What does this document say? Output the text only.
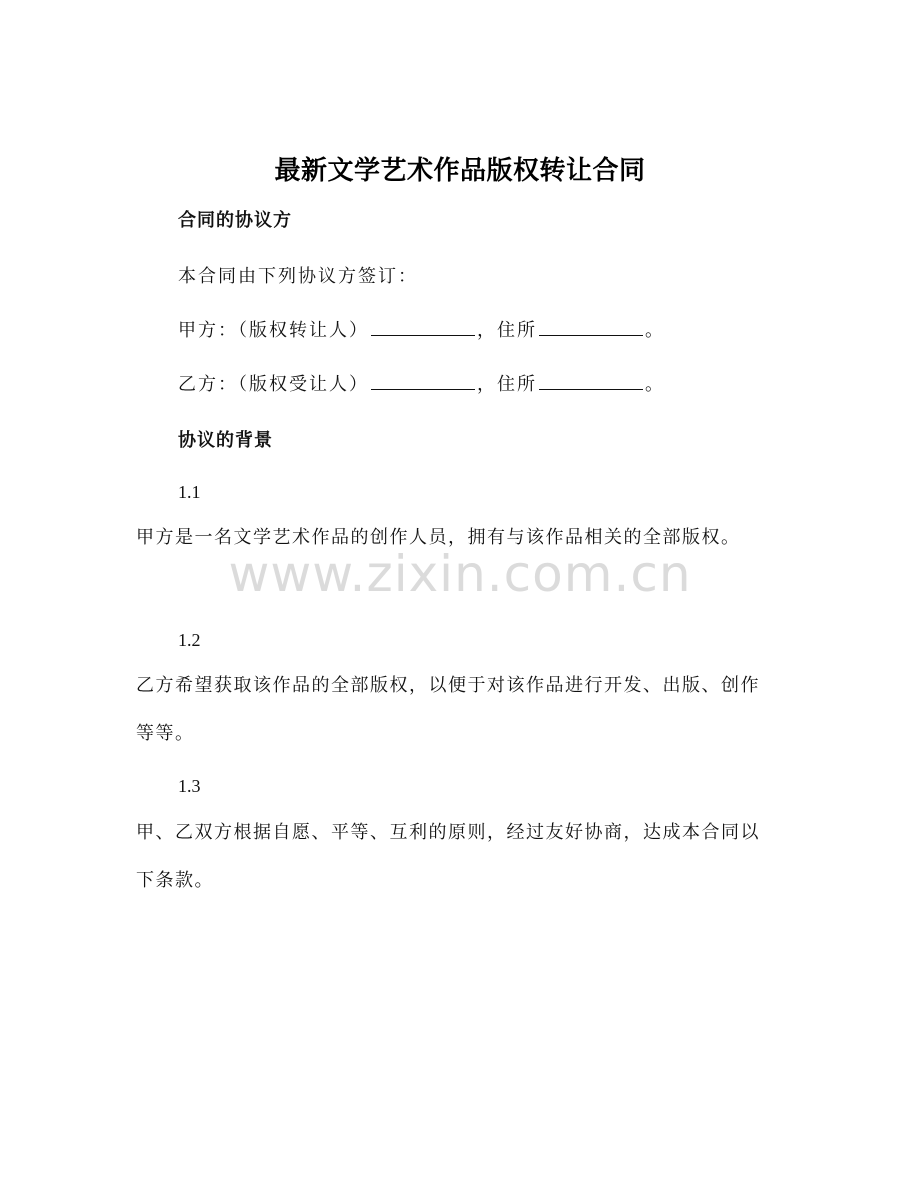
www.zixin.com.cn
最新文学艺术作品版权转让合同
合同的协议方
本合同由下列协议方签订：
甲方：（版权转让人）	，住所	。
乙方：（版权受让人）	，住所	。
协议的背景
1.1
甲方是一名文学艺术作品的创作人员，拥有与该作品相关的全部版权。
1.2
乙方希望获取该作品的全部版权，以便于对该作品进行开发、出版、创作等等。
1.3
甲、乙双方根据自愿、平等、互利的原则，经过友好协商，达成本合同以下条款。
